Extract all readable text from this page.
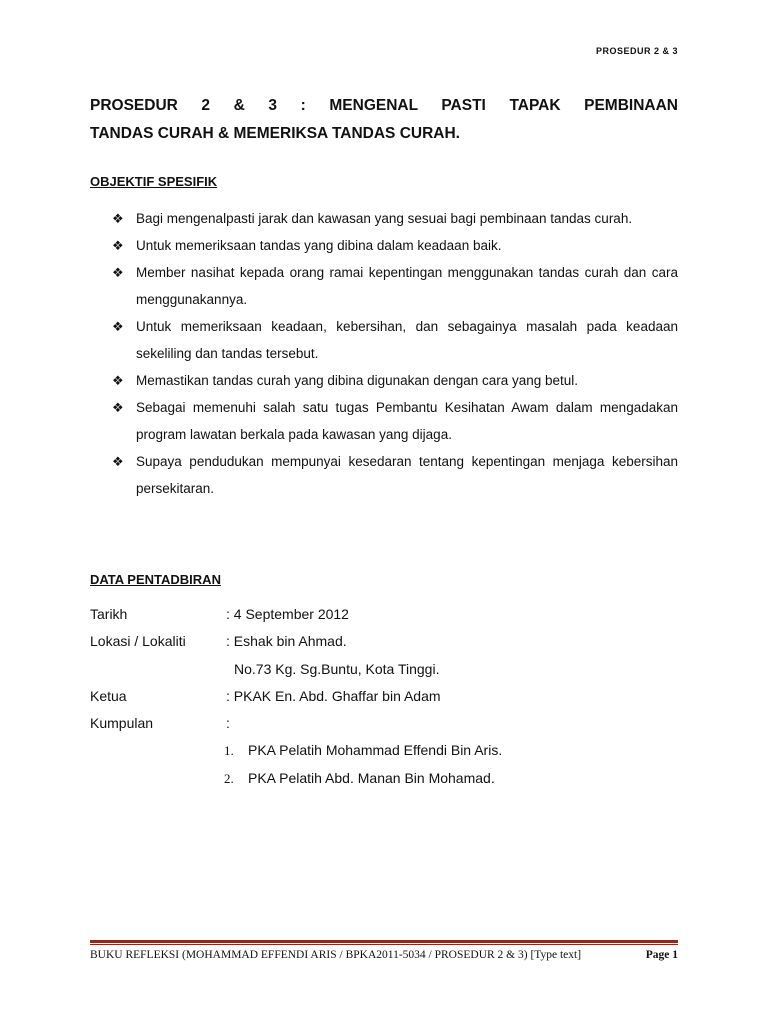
PROSEDUR 2 & 3
PROSEDUR 2 & 3 : MENGENAL PASTI TAPAK PEMBINAAN
TANDAS CURAH & MEMERIKSA TANDAS CURAH.
OBJEKTIF SPESIFIK
❖ Bagi mengenalpasti jarak dan kawasan yang sesuai bagi pembinaan tandas curah.
❖ Untuk memeriksaan tandas yang dibina dalam keadaan baik.
❖ Member nasihat kepada orang ramai kepentingan menggunakan tandas curah dan cara menggunakannya.
❖ Untuk memeriksaan keadaan, kebersihan, dan sebagainya masalah pada keadaan sekeliling dan tandas tersebut.
❖ Memastikan tandas curah yang dibina digunakan dengan cara yang betul.
❖ Sebagai memenuhi salah satu tugas Pembantu Kesihatan Awam dalam mengadakan program lawatan berkala pada kawasan yang dijaga.
❖ Supaya pendudukan mempunyai kesedaran tentang kepentingan menjaga kebersihan persekitaran.
DATA PENTADBIRAN
Tarikh	: 4 September 2012
Lokasi / Lokaliti	: Eshak bin Ahmad.
No.73 Kg. Sg.Buntu, Kota Tinggi.
Ketua	: PKAK En. Abd. Ghaffar bin Adam
Kumpulan	:
1. PKA Pelatih Mohammad Effendi Bin Aris.
2. PKA Pelatih Abd. Manan Bin Mohamad.
BUKU REFLEKSI (MOHAMMAD EFFENDI ARIS / BPKA2011-5034 / PROSEDUR 2 & 3) [Type text]	Page 1
